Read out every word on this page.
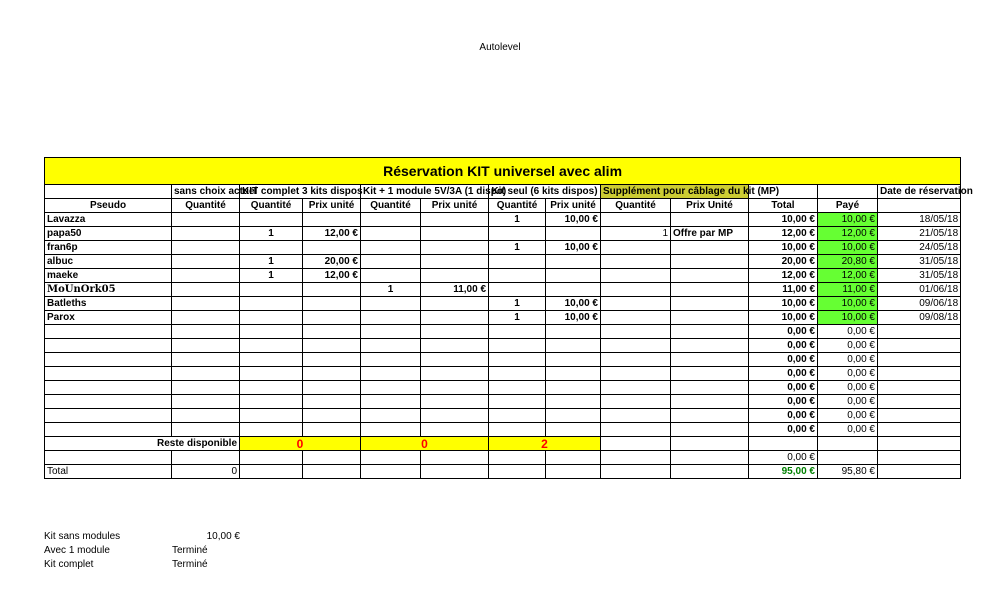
Autolevel
Réservation KIT universel avec alim												
	sans choix actuel	KIT complet 3 kits dispos		Kit + 1 module 5V/3A (1 dispo)		Kit seul (6 kits dispos)		Supplément pour câblage du kit (MP)				Date de réservation
Pseudo	Quantité	Quantité	Prix unité	Quantité	Prix unité	Quantité	Prix unité	Quantité	Prix Unité	Total	Payé	
Lavazza						1	10,00 €			10,00 €	10,00 €	18/05/18
papa50		1	12,00 €					1	Offre par MP	12,00 €	12,00 €	21/05/18
fran6p						1	10,00 €			10,00 €	10,00 €	24/05/18
albuc		1	20,00 €							20,00 €	20,80 €	31/05/18
maeke		1	12,00 €							12,00 €	12,00 €	31/05/18
MoUnOrk05				1	11,00 €					11,00 €	11,00 €	01/06/18
Batleths						1	10,00 €			10,00 €	10,00 €	09/06/18
Parox						1	10,00 €			10,00 €	10,00 €	09/08/18
										0,00 €	0,00 €	
										0,00 €	0,00 €	
										0,00 €	0,00 €	
										0,00 €	0,00 €	
										0,00 €	0,00 €	
										0,00 €	0,00 €	
										0,00 €	0,00 €	
										0,00 €	0,00 €	
Reste disponible		0		0		2						
										0,00 €		
Total	0									95,00 €	95,80 €	
Kit sans modules	10,00 €
Avec 1 module	Terminé
Kit complet	Terminé
